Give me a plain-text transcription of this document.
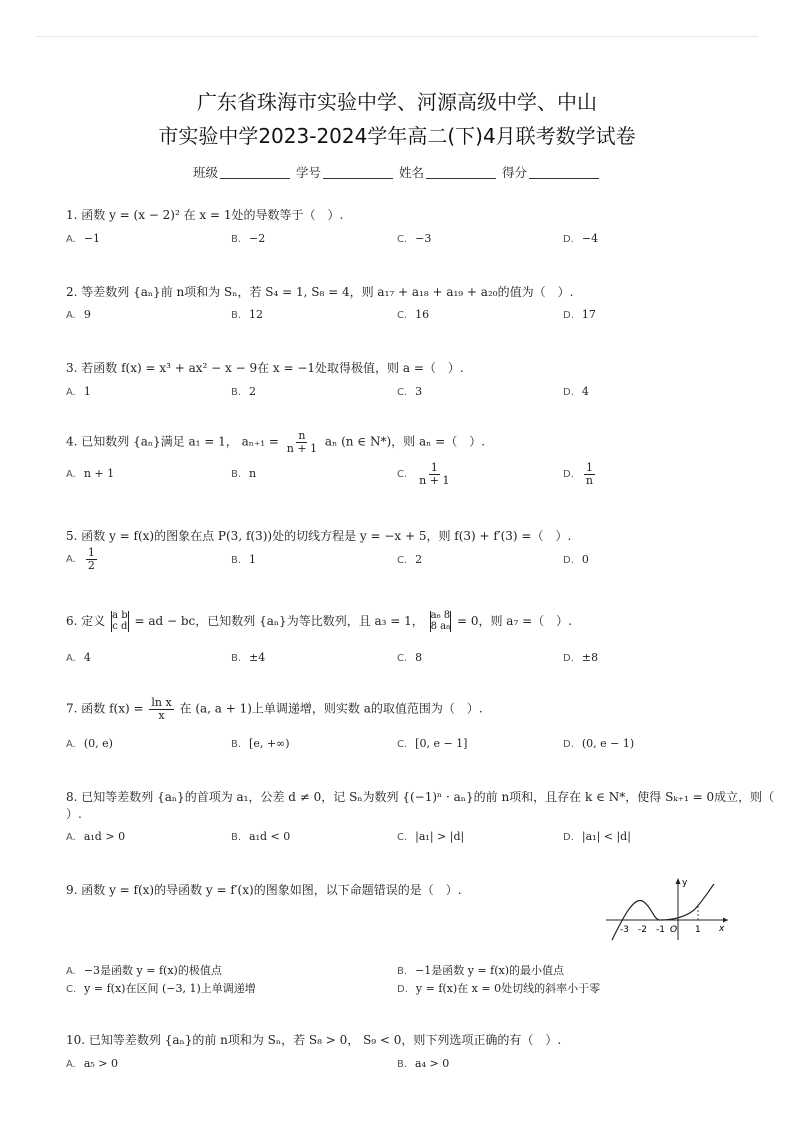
广东省珠海市实验中学、河源高级中学、中山
市实验中学2023-2024学年高二(下)4月联考数学试卷
班级	学号	姓名	得分
1. 函数 y = (x − 2)² 在 x = 1处的导数等于（　）.
A. −1	B. −2	C. −3	D. −4
2. 等差数列 {aₙ}前 n项和为 Sₙ，若 S₄ = 1, S₈ = 4，则 a₁₇ + a₁₈ + a₁₉ + a₂₀的值为（　）.
A. 9	B. 12	C. 16	D. 17
3. 若函数 f(x) = x³ + ax² − x − 9在 x = −1处取得极值，则 a =（　）.
A. 1	B. 2	C. 3	D. 4
4. 已知数列 {aₙ}满足 a₁ = 1， $a_{n+1} = \frac{n}{n + 1}$ aₙ (n ∈ N*)，则 aₙ =（　）.
A. n + 1	B. n	C. $\frac{1}{n + 1}$	D. $\frac{1}{n}$
5. 函数 y = f(x)的图象在点 P(3, f(3))处的切线方程是 y = −x + 5，则 f(3) + f′(3) =（　）.
A. $\frac{1}{2}$	B. 1	C. 2	D. 0
6. 定义 a b
c d = ad − bc，已知数列 {aₙ}为等比数列，且 a₃ = 1， a₆ 8
8 a₈ = 0，则 a₇ =（　）.
A. 4	B. ±4	C. 8	D. ±8
7. 函数 $f(x) = \frac{\text{ln x}}{x}$ 在 (a, a + 1)上单调递增，则实数 a的取值范围为（　）.
A. (0, e)	B. [e, +∞)	C. [0, e − 1]	D. (0, e − 1)
8. 已知等差数列 {aₙ}的首项为 a₁，公差 d ≠ 0，记 Sₙ为数列 {(−1)ⁿ · aₙ}的前 n项和，且存在 k ∈ N*，使得 Sₖ₊₁ = 0成立，则（
）.
A. a₁d > 0	B. a₁d < 0	C. |a₁| > |d|	D. |a₁| < |d|
9. 函数 y = f(x)的导函数 y = f′(x)的图象如图，以下命题错误的是（　）.	y
x
O
-3 -2 -1	1
A. −3是函数 y = f(x)的极值点	B. −1是函数 y = f(x)的最小值点
C. y = f(x)在区间 (−3, 1)上单调递增	D. y = f(x)在 x = 0处切线的斜率小于零
10. 已知等差数列 {aₙ}的前 n项和为 Sₙ，若 S₈ > 0， S₉ < 0，则下列选项正确的有（　）.
A. a₅ > 0	B. a₄ > 0
